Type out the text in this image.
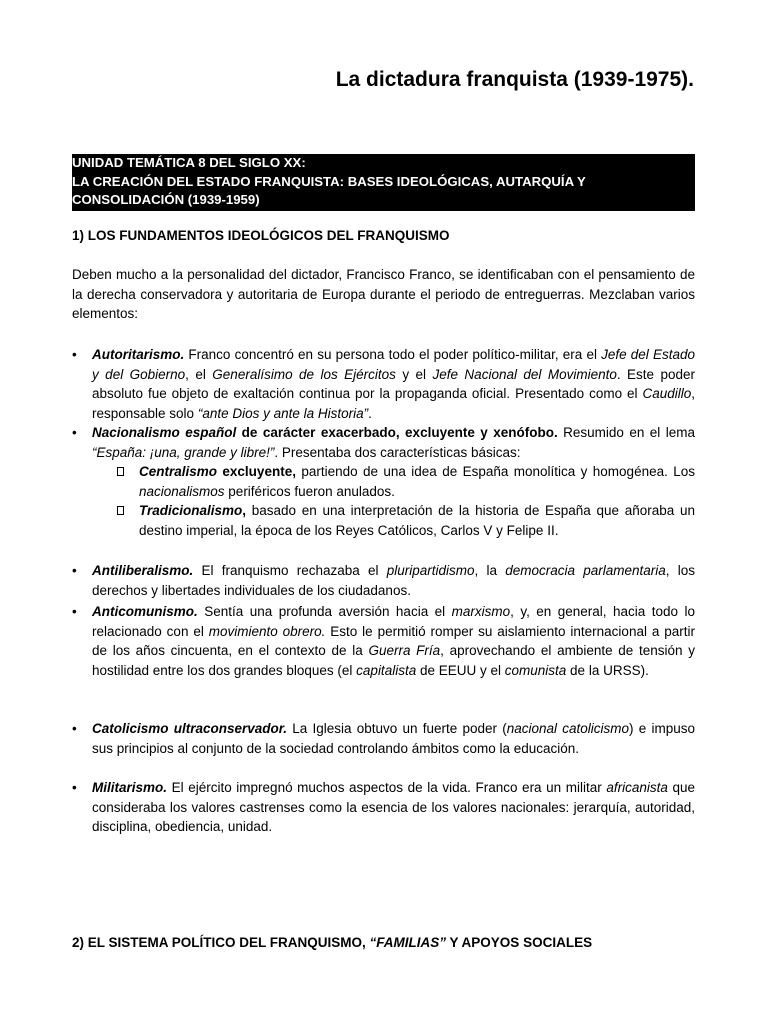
La dictadura franquista (1939-1975).
UNIDAD TEMÁTICA 8 DEL SIGLO XX:
LA CREACIÓN DEL ESTADO FRANQUISTA: BASES IDEOLÓGICAS, AUTARQUÍA Y
CONSOLIDACIÓN (1939-1959)
1) LOS FUNDAMENTOS IDEOLÓGICOS DEL FRANQUISMO

Deben mucho a la personalidad del dictador, Francisco Franco, se identificaban con el pensamiento de la derecha conservadora y autoritaria de Europa durante el periodo de entreguerras. Mezclaban varios elementos:

• Autoritarismo. Franco concentró en su persona todo el poder político-militar, era el Jefe del Estado y del Gobierno, el Generalísimo de los Ejércitos y el Jefe Nacional del Movimiento. Este poder absoluto fue objeto de exaltación continua por la propaganda oficial. Presentado como el Caudillo, responsable solo “ante Dios y ante la Historia”.
• Nacionalismo español de carácter exacerbado, excluyente y xenófobo. Resumido en el lema “España: ¡una, grande y libre!”. Presentaba dos características básicas:
Centralismo excluyente, partiendo de una idea de España monolítica y homogénea. Los nacionalismos periféricos fueron anulados.
Tradicionalismo, basado en una interpretación de la historia de España que añoraba un destino imperial, la época de los Reyes Católicos, Carlos V y Felipe II.
• Antiliberalismo. El franquismo rechazaba el pluripartidismo, la democracia parlamentaria, los derechos y libertades individuales de los ciudadanos.
• Anticomunismo. Sentía una profunda aversión hacia el marxismo, y, en general, hacia todo lo relacionado con el movimiento obrero. Esto le permitió romper su aislamiento internacional a partir de los años cincuenta, en el contexto de la Guerra Fría, aprovechando el ambiente de tensión y hostilidad entre los dos grandes bloques (el capitalista de EEUU y el comunista de la URSS).
• Catolicismo ultraconservador. La Iglesia obtuvo un fuerte poder (nacional catolicismo) e impuso sus principios al conjunto de la sociedad controlando ámbitos como la educación.
• Militarismo. El ejército impregnó muchos aspectos de la vida. Franco era un militar africanista que consideraba los valores castrenses como la esencia de los valores nacionales: jerarquía, autoridad, disciplina, obediencia, unidad.
2) EL SISTEMA POLÍTICO DEL FRANQUISMO, “FAMILIAS” Y APOYOS SOCIALES
